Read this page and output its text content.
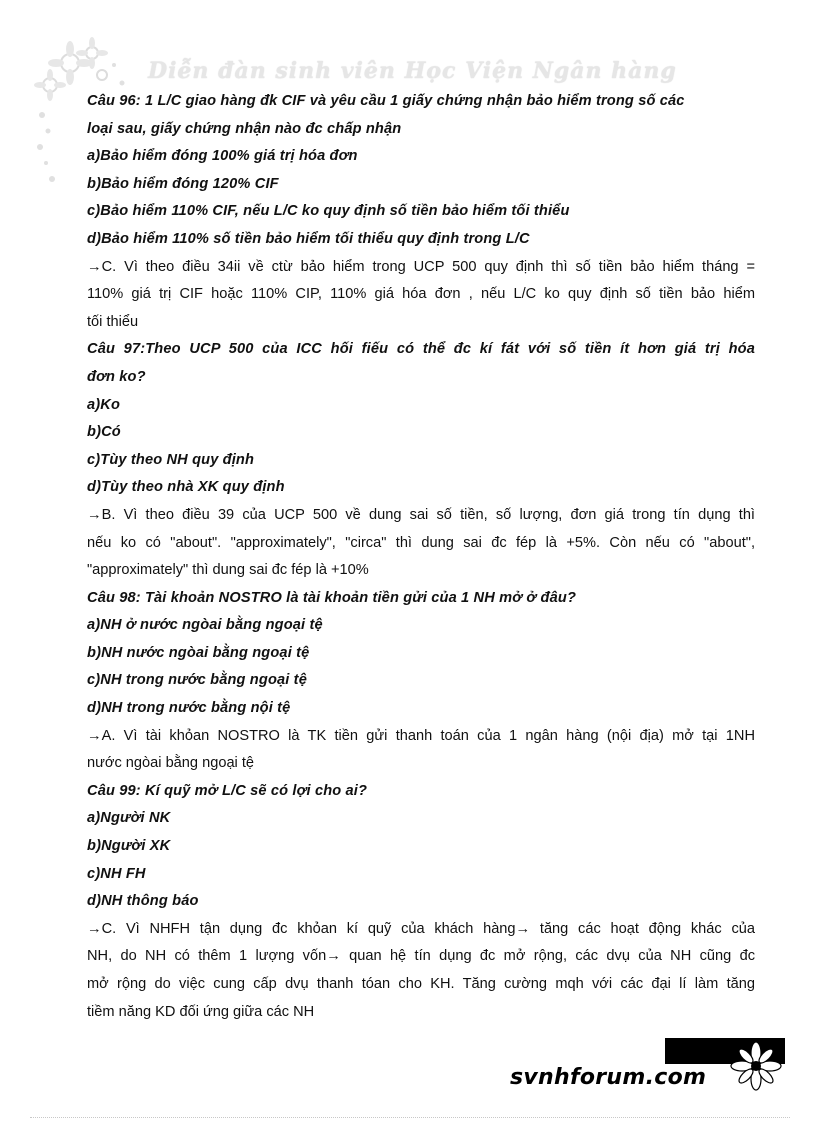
Diễn đàn sinh viên Học Viện Ngân hàng

Câu 96: 1 L/C giao hàng đk CIF và yêu cầu 1 giấy chứng nhận bảo hiểm trong số các

loại sau, giấy chứng nhận nào đc chấp nhận

a)Bảo hiểm đóng 100% giá trị hóa đơn

b)Bảo hiểm đóng 120% CIF

c)Bảo hiểm 110% CIF, nếu L/C ko quy định số tiền bảo hiểm tối thiểu

d)Bảo hiểm 110% số tiền bảo hiểm tối thiểu quy định trong L/C

→C. Vì theo điều 34ii về ctừ bảo hiểm trong UCP 500 quy định thì số tiền bảo hiểm tháng =

110% giá trị CIF hoặc 110% CIP, 110% giá hóa đơn , nếu L/C ko quy định số tiền bảo hiểm

tối thiểu

Câu 97:Theo UCP 500 của ICC hối fiếu có thể đc kí fát với số tiền ít hơn giá trị hóa

đơn ko?

a)Ko

b)Có

c)Tùy theo NH quy định

d)Tùy theo nhà XK quy định

→B. Vì theo điều 39 của UCP 500 về dung sai số tiền, số lượng, đơn giá trong tín dụng thì

nếu ko có "about". "approximately", "circa" thì dung sai đc fép là +5%. Còn nếu có "about",

"approximately" thì dung sai đc fép là +10%

Câu 98: Tài khoản NOSTRO là tài khoản tiền gửi của 1 NH mở ở đâu?

a)NH ở nước ngòai bằng ngoại tệ

b)NH nước ngòai bằng ngoại tệ

c)NH trong nước bằng ngoại tệ

d)NH trong nước bằng nội tệ

→A. Vì tài khỏan NOSTRO là TK tiền gửi thanh toán của 1 ngân hàng (nội địa) mở tại 1NH

nước ngòai bằng ngoại tệ

Câu 99: Kí quỹ mở L/C sẽ có lợi cho ai?

a)Người NK

b)Người XK

c)NH FH

d)NH thông báo

→C. Vì NHFH tận dụng đc khỏan kí quỹ của khách hàng→ tăng các hoạt động khác của

NH, do NH có thêm 1 lượng vốn→ quan hệ tín dụng đc mở rộng, các dvụ của NH cũng đc

mở rộng do việc cung cấp dvụ thanh tóan cho KH. Tăng cường mqh với các đại lí làm tăng

tiềm năng KD đối ứng giữa các NH

svnhforum.com
